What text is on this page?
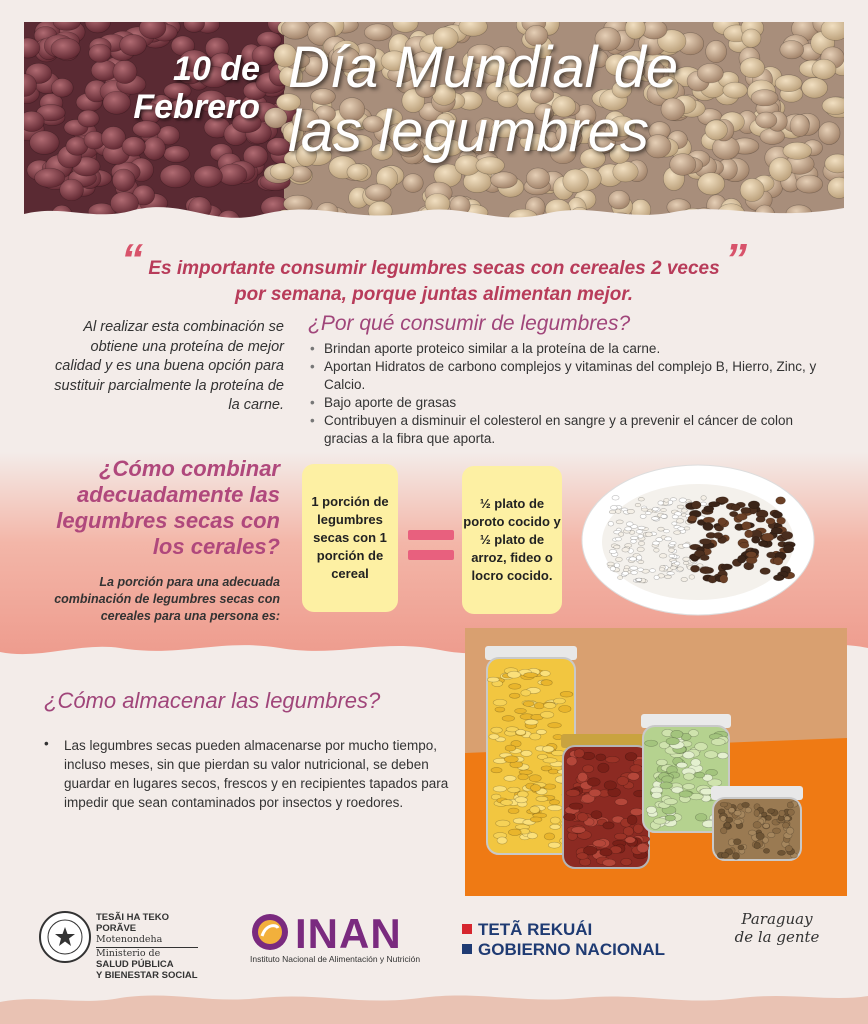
10 de
Febrero
Día Mundial de
las legumbres
“ Es importante consumir legumbres secas con cereales 2 veces ”
por semana, porque juntas alimentan mejor.
Al realizar esta combinación se obtiene una proteína de mejor calidad y es una buena opción para sustituir parcialmente la proteína de la carne.
¿Por qué consumir de legumbres?
• Brindan aporte proteico similar a la proteína de la carne.
• Aportan Hidratos de carbono complejos y vitaminas del complejo B, Hierro, Zinc, y Calcio.
• Bajo aporte de grasas
• Contribuyen a disminuir el colesterol en sangre y a prevenir el cáncer de colon gracias a la fibra que aporta.
¿Cómo combinar adecuadamente las legumbres secas con los cerales?
La porción para una adecuada combinación de legumbres secas con cereales para una persona es:
1 porción de legumbres secas con 1 porción de cereal
½ plato de poroto cocido y ½ plato de arroz, fideo o locro cocido.
¿Cómo almacenar las legumbres?
•	Las legumbres secas pueden almacenarse por mucho tiempo, incluso meses, sin que pierdan su valor nutricional, se deben guardar en lugares secos, frescos y en recipientes tapados para impedir que sean contaminados por insectos y roedores.
TESÃI HA TEKO
PORÃVE
Motenondeha
Ministerio de
SALUD PÚBLICA
Y BIENESTAR SOCIAL
INAN
Instituto Nacional de Alimentación y Nutrición
TETÃ REKUÁI
GOBIERNO NACIONAL
Paraguay
de la gente
